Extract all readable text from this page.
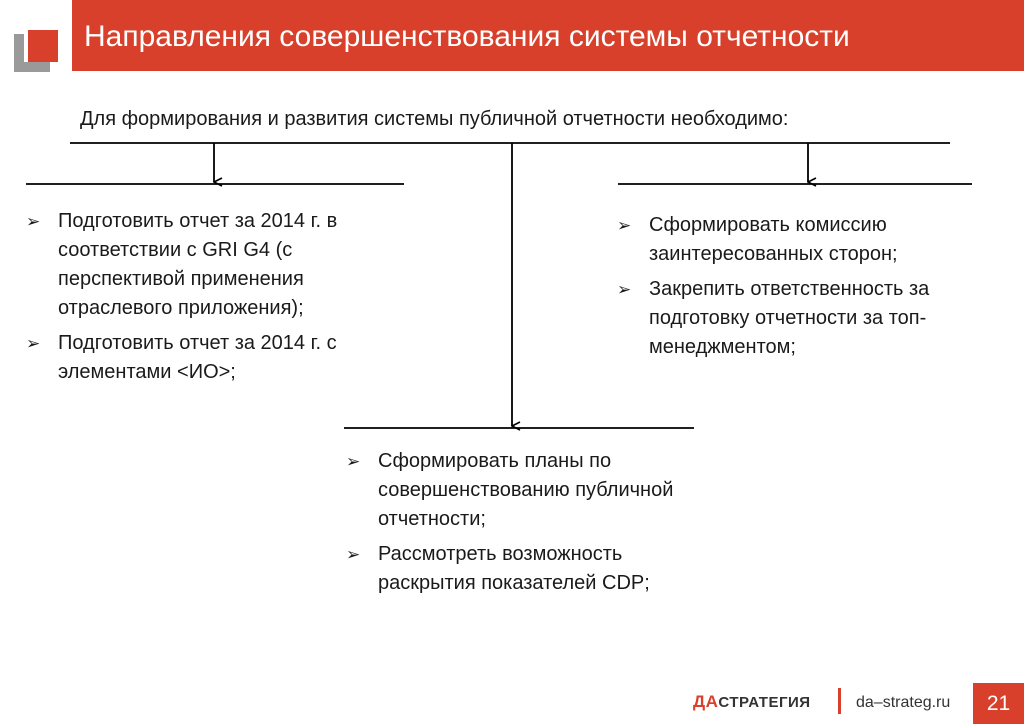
Направления совершенствования системы отчетности
Для формирования и развития системы публичной отчетности необходимо:
➢ Подготовить отчет за 2014 г. в соответствии с GRI G4 (с перспективой применения отраслевого приложения);
➢ Подготовить отчет за 2014 г. с элементами <ИО>;
➢ Сформировать планы по совершенствованию публичной отчетности;
➢ Рассмотреть возможность раскрытия показателей CDP;
➢ Сформировать комиссию заинтересованных сторон;
➢ Закрепить ответственность за подготовку отчетности за топ-менеджментом;
ДАСТРАТЕГИЯ	da–strateg.ru	21
